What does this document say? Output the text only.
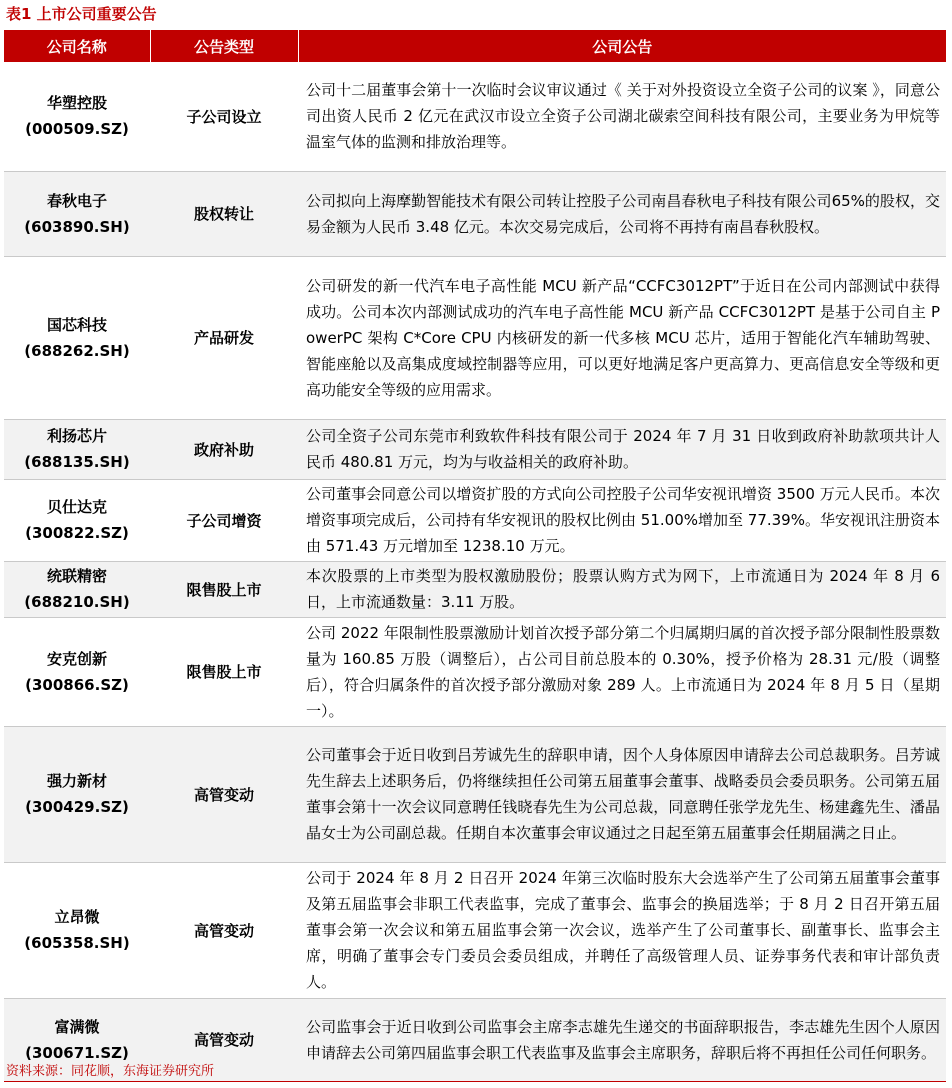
表1 上市公司重要公告
公司名称	公告类型	公司公告

华塑控股
(000509.SZ)	子公司设立	公司十二届董事会第十一次临时会议审议通过《 关于对外投资设立全资子公司的议案 》，同意公司出资人民币 2 亿元在武汉市设立全资子公司湖北碳索空间科技有限公司，主要业务为甲烷等温室气体的监测和排放治理等。

春秋电子
(603890.SH)	股权转让	公司拟向上海摩勤智能技术有限公司转让控股子公司南昌春秋电子科技有限公司65%的股权，交易金额为人民币 3.48 亿元。本次交易完成后，公司将不再持有南昌春秋股权。

国芯科技
(688262.SH)	产品研发	公司研发的新一代汽车电子高性能 MCU 新产品“CCFC3012PT”于近日在公司内部测试中获得成功。公司本次内部测试成功的汽车电子高性能 MCU 新产品 CCFC3012PT 是基于公司自主 PowerPC 架构 C*Core CPU 内核研发的新一代多核 MCU 芯片，适用于智能化汽车辅助驾驶、智能座舱以及高集成度域控制器等应用，可以更好地满足客户更高算力、更高信息安全等级和更高功能安全等级的应用需求。

利扬芯片
(688135.SH)	政府补助	公司全资子公司东莞市利致软件科技有限公司于 2024 年 7 月 31 日收到政府补助款项共计人民币 480.81 万元，均为与收益相关的政府补助。

贝仕达克
(300822.SZ)	子公司增资	公司董事会同意公司以增资扩股的方式向公司控股子公司华安视讯增资 3500 万元人民币。本次增资事项完成后，公司持有华安视讯的股权比例由 51.00%增加至 77.39%。华安视讯注册资本由 571.43 万元增加至 1238.10 万元。

统联精密
(688210.SH)	限售股上市	本次股票的上市类型为股权激励股份；股票认购方式为网下，上市流通日为 2024 年 8 月 6 日，上市流通数量：3.11 万股。

安克创新
(300866.SZ)	限售股上市	公司 2022 年限制性股票激励计划首次授予部分第二个归属期归属的首次授予部分限制性股票数量为 160.85 万股（调整后），占公司目前总股本的 0.30%，授予价格为 28.31 元/股（调整后），符合归属条件的首次授予部分激励对象 289 人。上市流通日为 2024 年 8 月 5 日（星期一）。

强力新材
(300429.SZ)	高管变动	公司董事会于近日收到吕芳诚先生的辞职申请，因个人身体原因申请辞去公司总裁职务。吕芳诚先生辞去上述职务后，仍将继续担任公司第五届董事会董事、战略委员会委员职务。公司第五届董事会第十一次会议同意聘任钱晓春先生为公司总裁，同意聘任张学龙先生、杨建鑫先生、潘晶晶女士为公司副总裁。任期自本次董事会审议通过之日起至第五届董事会任期届满之日止。

立昂微
(605358.SH)	高管变动	公司于 2024 年 8 月 2 日召开 2024 年第三次临时股东大会选举产生了公司第五届董事会董事及第五届监事会非职工代表监事，完成了董事会、监事会的换届选举；于 8 月 2 日召开第五届董事会第一次会议和第五届监事会第一次会议，选举产生了公司董事长、副董事长、监事会主席，明确了董事会专门委员会委员组成，并聘任了高级管理人员、证券事务代表和审计部负责人。

富满微
(300671.SZ)	高管变动	公司监事会于近日收到公司监事会主席李志雄先生递交的书面辞职报告，李志雄先生因个人原因申请辞去公司第四届监事会职工代表监事及监事会主席职务，辞职后将不再担任公司任何职务。
资料来源：同花顺，东海证券研究所
